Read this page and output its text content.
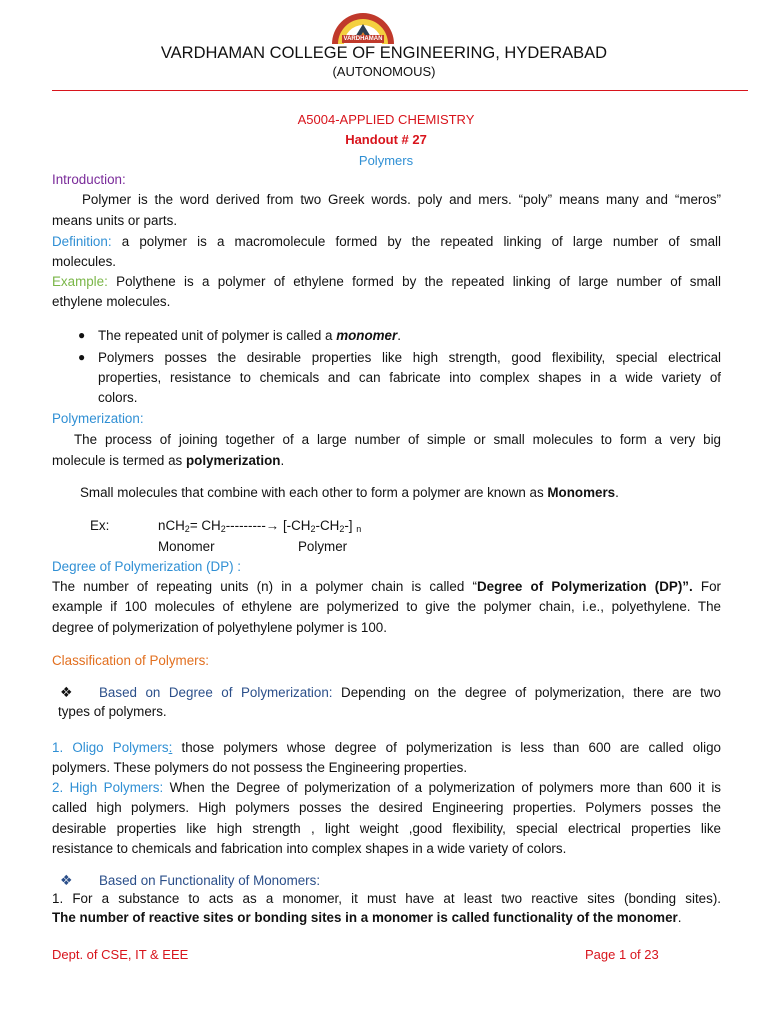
VARDHAMAN
VARDHAMAN COLLEGE OF ENGINEERING, HYDERABAD
(AUTONOMOUS)
A5004-APPLIED CHEMISTRY
Handout # 27
Polymers
Introduction:
Polymer is the word derived from two Greek words. poly and mers. “poly” means many and “meros”
means units or parts.
Definition: a polymer is a macromolecule formed by the repeated linking of large number of small
molecules.
Example: Polythene is a polymer of ethylene formed by the repeated linking of large number of small
ethylene molecules.
● The repeated unit of polymer is called a monomer.
● Polymers posses the desirable properties like high strength, good flexibility, special electrical
properties, resistance to chemicals and can fabricate into complex shapes in a wide variety of
colors.
Polymerization:
The process of joining together of a large number of simple or small molecules to form a very big
molecule is termed as polymerization.
Small molecules that combine with each other to form a polymer are known as Monomers.
Ex:	$nCH_2= CH_2---------\to [-CH_2-CH_2-]$ $_n$
Monomer	Polymer
Degree of Polymerization (DP) :
The number of repeating units (n) in a polymer chain is called “Degree of Polymerization (DP)”. For
example if 100 molecules of ethylene are polymerized to give the polymer chain, i.e., polyethylene. The
degree of polymerization of polyethylene polymer is 100.
Classification of Polymers:
❖ Based on Degree of Polymerization: Depending on the degree of polymerization, there are two
types of polymers.
1. Oligo Polymers: those polymers whose degree of polymerization is less than 600 are called oligo
polymers. These polymers do not possess the Engineering properties.
2. High Polymers: When the Degree of polymerization of a polymerization of polymers more than 600 it is
called high polymers. High polymers posses the desired Engineering properties. Polymers posses the
desirable properties like high strength , light weight ,good flexibility, special electrical properties like
resistance to chemicals and fabrication into complex shapes in a wide variety of colors.
❖ Based on Functionality of Monomers:
1. For a substance to acts as a monomer, it must have at least two reactive sites (bonding sites).
The number of reactive sites or bonding sites in a monomer is called functionality of the monomer.
Dept. of CSE, IT & EEE	Page 1 of 23
